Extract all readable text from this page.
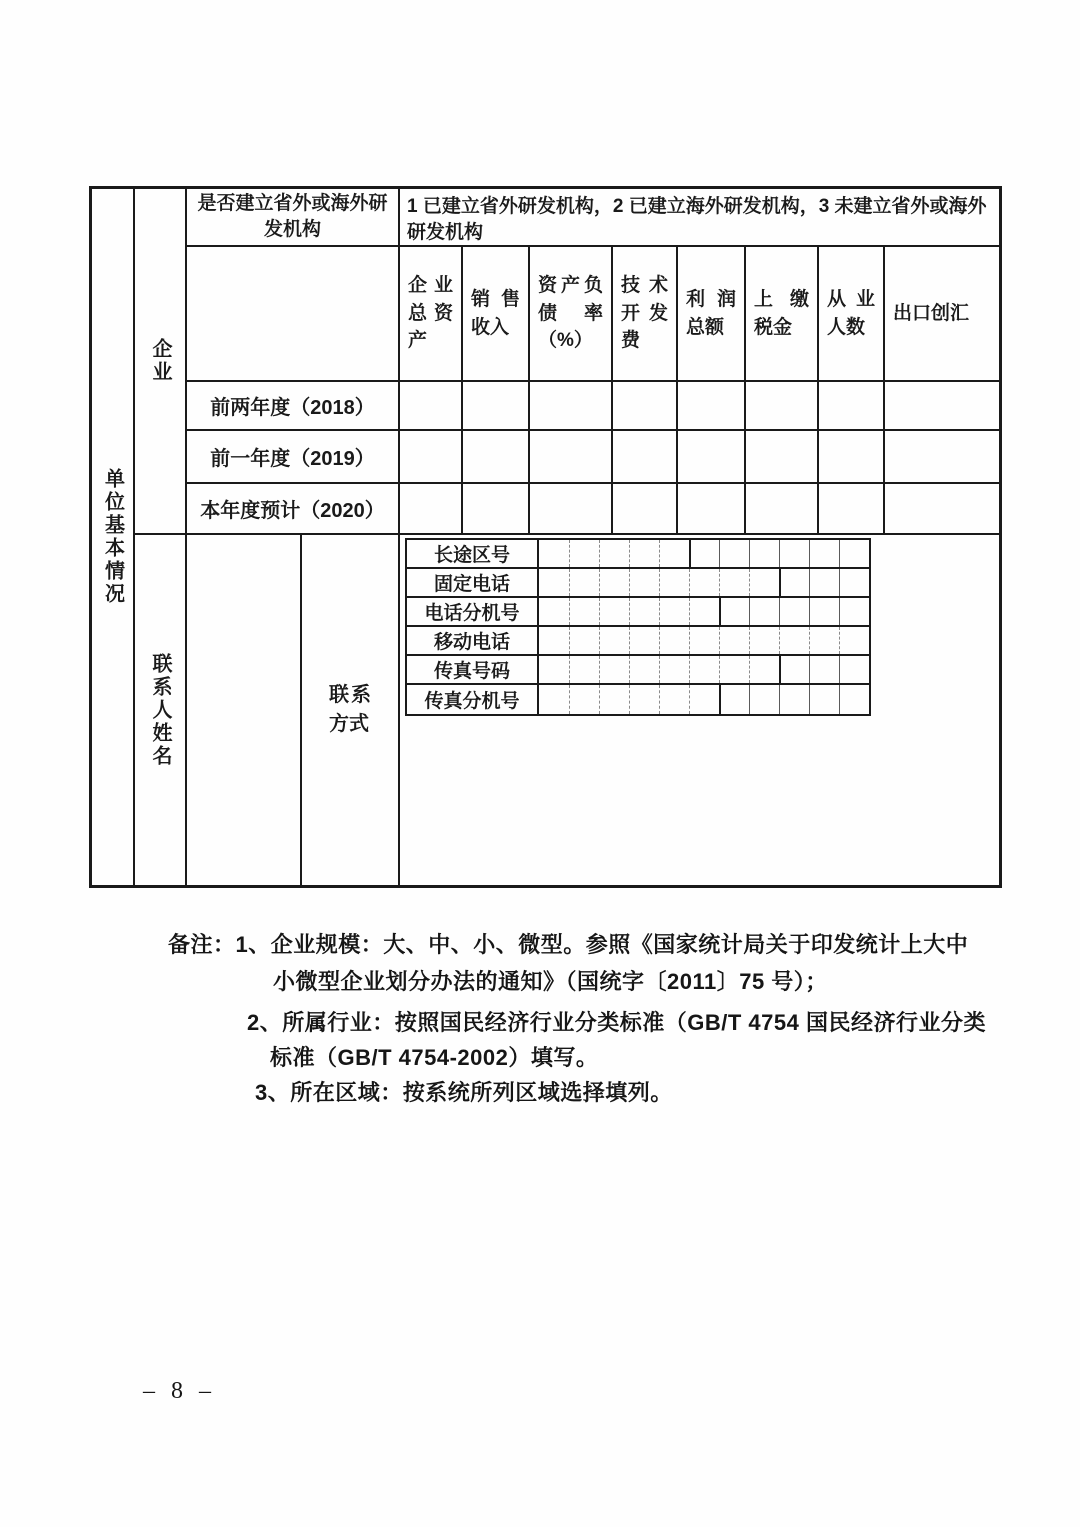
单位基本情况
企业
是否建立省外或海外研发机构
1 已建立省外研发机构，2 已建立海外研发机构，3 未建立省外或海外研发机构
企业总资产
销售收入
资产负债率（%）
技术开发费
利润总额
上缴税金
从业人数
出口创汇
前两年度（2018）
前一年度（2019）
本年度预计（2020）
联系人姓名	联系方式
长途区号
固定电话
电话分机号
移动电话
传真号码
传真分机号
备注：1、企业规模：大、中、小、微型。参照《国家统计局关于印发统计上大中
小微型企业划分办法的通知》（国统字〔2011〕75 号）；
2、所属行业：按照国民经济行业分类标准（GB/T 4754 国民经济行业分类
标准（GB/T 4754-2002）填写。
3、所在区域：按系统所列区域选择填列。
– 8 –
